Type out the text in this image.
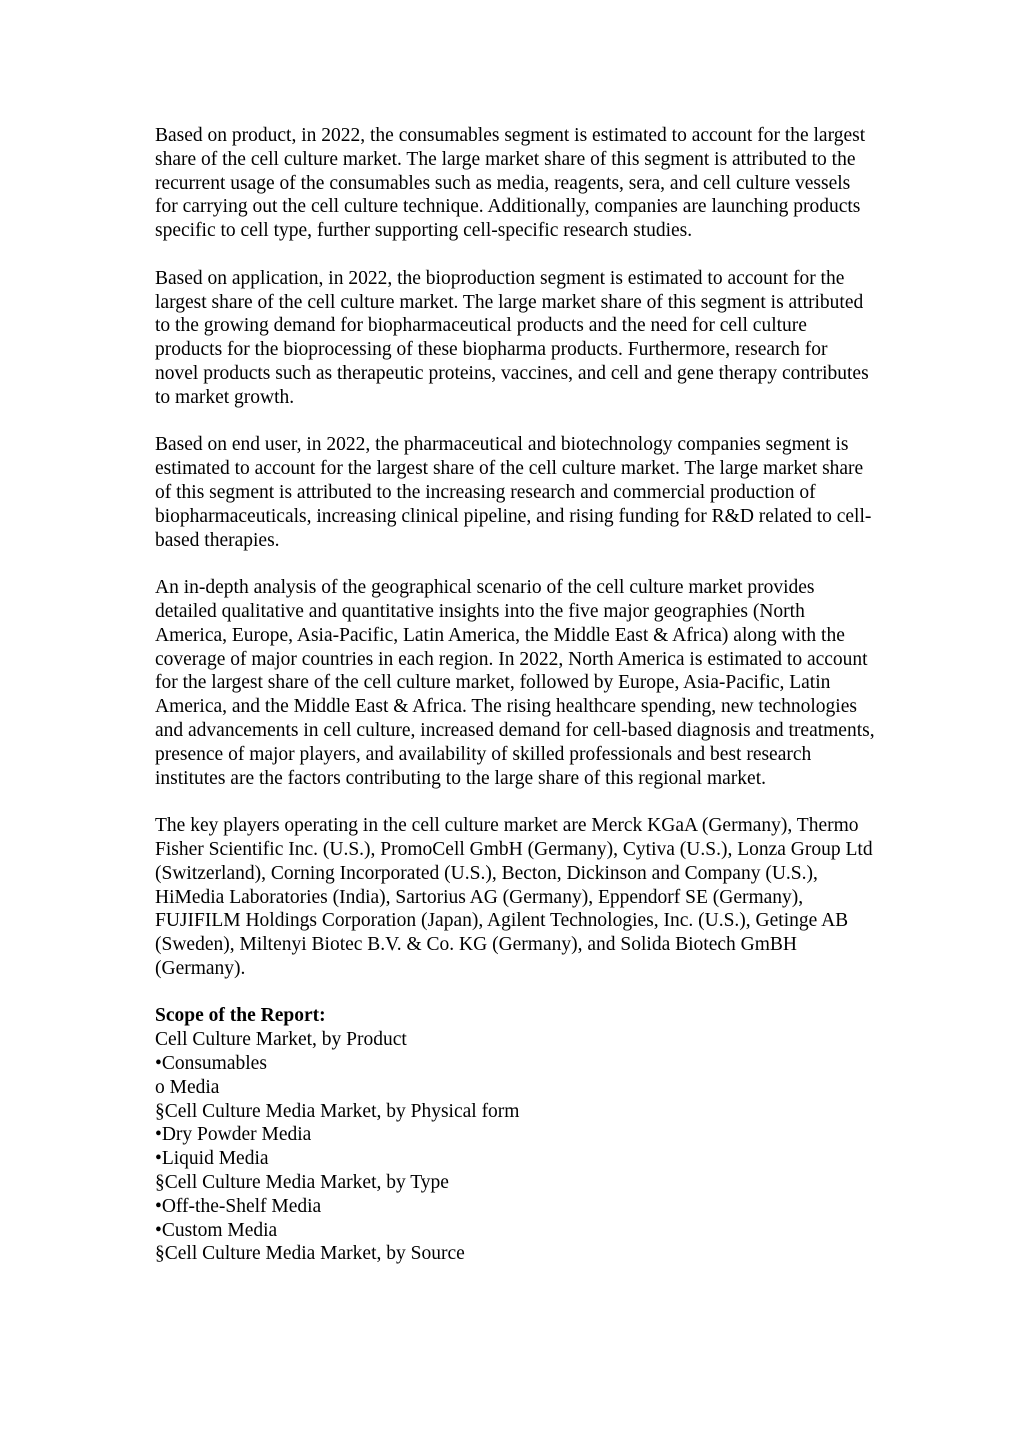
Based on product, in 2022, the consumables segment is estimated to account for the largest share of the cell culture market. The large market share of this segment is attributed to the recurrent usage of the consumables such as media, reagents, sera, and cell culture vessels for carrying out the cell culture technique. Additionally, companies are launching products specific to cell type, further supporting cell-specific research studies.

Based on application, in 2022, the bioproduction segment is estimated to account for the largest share of the cell culture market. The large market share of this segment is attributed to the growing demand for biopharmaceutical products and the need for cell culture products for the bioprocessing of these biopharma products. Furthermore, research for novel products such as therapeutic proteins, vaccines, and cell and gene therapy contributes to market growth.

Based on end user, in 2022, the pharmaceutical and biotechnology companies segment is estimated to account for the largest share of the cell culture market. The large market share of this segment is attributed to the increasing research and commercial production of biopharmaceuticals, increasing clinical pipeline, and rising funding for R&D related to cell-based therapies.

An in-depth analysis of the geographical scenario of the cell culture market provides detailed qualitative and quantitative insights into the five major geographies (North America, Europe, Asia-Pacific, Latin America, the Middle East & Africa) along with the coverage of major countries in each region. In 2022, North America is estimated to account for the largest share of the cell culture market, followed by Europe, Asia-Pacific, Latin America, and the Middle East & Africa. The rising healthcare spending, new technologies and advancements in cell culture, increased demand for cell-based diagnosis and treatments, presence of major players, and availability of skilled professionals and best research institutes are the factors contributing to the large share of this regional market.

The key players operating in the cell culture market are Merck KGaA (Germany), Thermo Fisher Scientific Inc. (U.S.), PromoCell GmbH (Germany), Cytiva (U.S.), Lonza Group Ltd (Switzerland), Corning Incorporated (U.S.), Becton, Dickinson and Company (U.S.), HiMedia Laboratories (India), Sartorius AG (Germany), Eppendorf SE (Germany), FUJIFILM Holdings Corporation (Japan), Agilent Technologies, Inc. (U.S.), Getinge AB (Sweden), Miltenyi Biotec B.V. & Co. KG (Germany), and Solida Biotech GmBH (Germany).

Scope of the Report:

Cell Culture Market, by Product

•Consumables

o Media

§Cell Culture Media Market, by Physical form

•Dry Powder Media

•Liquid Media

§Cell Culture Media Market, by Type

•Off-the-Shelf Media

•Custom Media

§Cell Culture Media Market, by Source
